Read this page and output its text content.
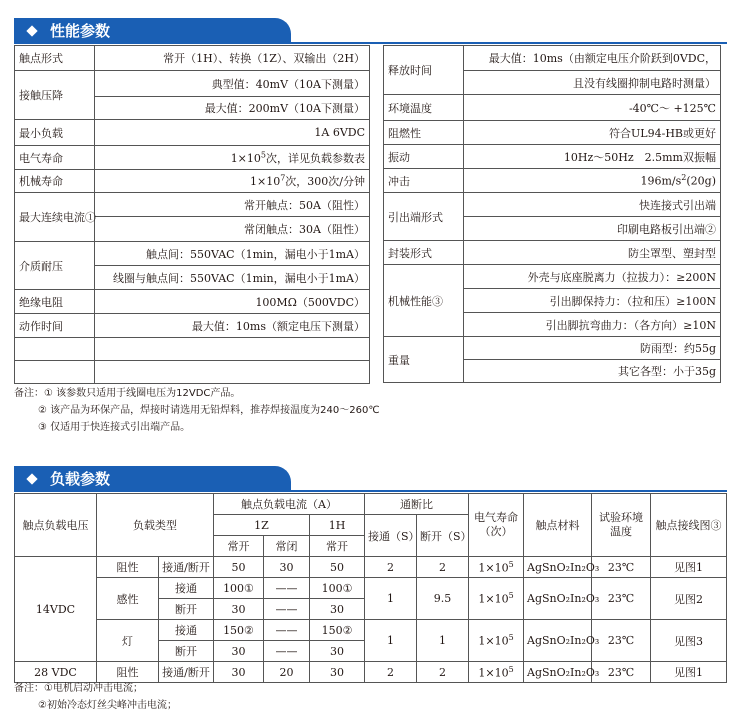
性能参数
触点形式	常开（1H）、转换（1Z）、双输出（2H）
接触压降	典型值：40mV（10A下测量）
	最大值：200mV（10A下测量）
最小负载	1A 6VDC
电气寿命	$1\times 10^5$次，详见负载参数表
机械寿命	$1\times 10^7$次，300次/分钟
最大连续电流①	常开触点：50A（阻性）
	常闭触点：30A（阻性）
介质耐压	触点间：550VAC（1min，漏电小于1mA）
	线圈与触点间：550VAC（1min，漏电小于1mA）
绝缘电阻	100MΩ（500VDC）
动作时间	最大值：10ms（额定电压下测量）

释放时间	最大值：10ms（由额定电压介阶跃到0VDC，
	且没有线圈抑制电路时测量）
环境温度	-40℃～ +125℃
阻燃性	符合UL94-HB或更好
振动	10Hz～50Hz　2.5mm双振幅
冲击	$196m/s^2(20g)$
引出端形式	快连接式引出端
	印刷电路板引出端②
封装形式	防尘罩型、塑封型
机械性能③	外壳与底座脱离力（拉拔力）：≥200N
	引出脚保持力：（拉和压）≥100N
	引出脚抗弯曲力：（各方向）≥10N
重量	防雨型：约55g
	其它各型：小于35g
备注：① 该参数只适用于线圈电压为12VDC产品。
② 该产品为环保产品，焊接时请选用无铅焊料，推荐焊接温度为240～260℃
③ 仅适用于快连接式引出端产品。
负载参数
触点负载电压	负载类型		触点负载电流（A）			通断比		电气寿命（次）	触点材料	试验环境温度	触点接线图③
			1Z		1H	接通（S）	断开（S）				
			常开	常闭	常开						
14VDC	阻性	接通/断开	50	30	50	2	2	$1\times 10^5$	AgSnO₂In₂O₃	23℃	见图1
	感性	接通	100①	——	100①	1	9.5	$1\times 10^5$	AgSnO₂In₂O₃	23℃	见图2
		断开	30	——	30						
	灯	接通	150②	——	150②	1	1	$1\times 10^5$	AgSnO₂In₂O₃	23℃	见图3
		断开	30	——	30						
28 VDC	阻性	接通/断开	30	20	30	2	2	$1\times 10^5$	AgSnO₂In₂O₃	23℃	见图1
备注：①电机启动冲击电流；
②初始冷态灯丝尖峰冲击电流；
